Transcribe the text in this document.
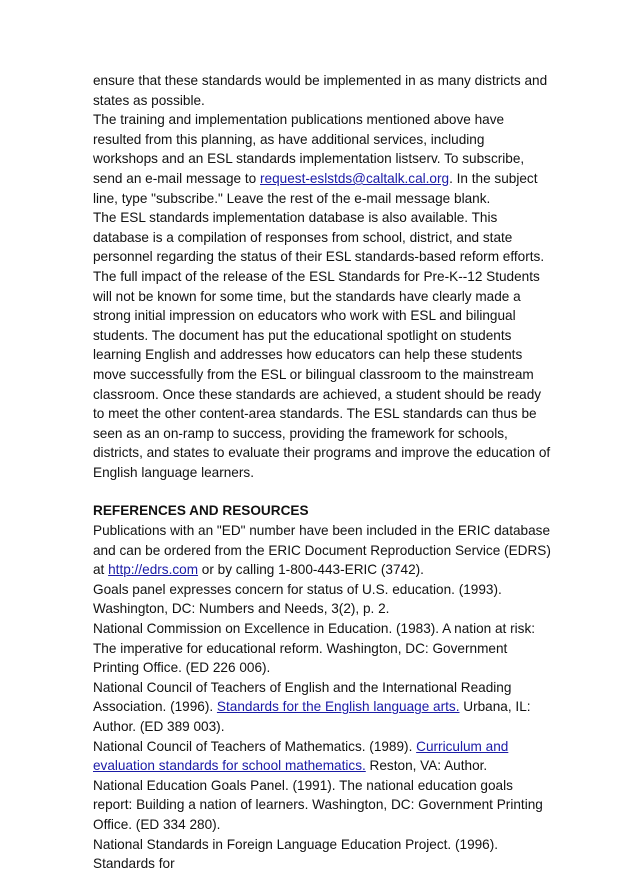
ensure that these standards would be implemented in as many districts and states as possible.

The training and implementation publications mentioned above have resulted from this planning, as have additional services, including workshops and an ESL standards implementation listserv. To subscribe, send an e-mail message to request-eslstds@caltalk.cal.org. In the subject line, type "subscribe." Leave the rest of the e-mail message blank.

The ESL standards implementation database is also available. This database is a compilation of responses from school, district, and state personnel regarding the status of their ESL standards-based reform efforts.

The full impact of the release of the ESL Standards for Pre-K--12 Students will not be known for some time, but the standards have clearly made a strong initial impression on educators who work with ESL and bilingual students. The document has put the educational spotlight on students learning English and addresses how educators can help these students move successfully from the ESL or bilingual classroom to the mainstream classroom. Once these standards are achieved, a student should be ready to meet the other content-area standards. The ESL standards can thus be seen as an on-ramp to success, providing the framework for schools, districts, and states to evaluate their programs and improve the education of English language learners.

REFERENCES AND RESOURCES

Publications with an "ED" number have been included in the ERIC database and can be ordered from the ERIC Document Reproduction Service (EDRS) at http://edrs.com or by calling 1-800-443-ERIC (3742).

Goals panel expresses concern for status of U.S. education. (1993). Washington, DC: Numbers and Needs, 3(2), p. 2.

National Commission on Excellence in Education. (1983). A nation at risk: The imperative for educational reform. Washington, DC: Government Printing Office. (ED 226 006).

National Council of Teachers of English and the International Reading Association. (1996). Standards for the English language arts. Urbana, IL: Author. (ED 389 003).

National Council of Teachers of Mathematics. (1989). Curriculum and evaluation standards for school mathematics. Reston, VA: Author.

National Education Goals Panel. (1991). The national education goals report: Building a nation of learners. Washington, DC: Government Printing Office. (ED 334 280).

National Standards in Foreign Language Education Project. (1996). Standards for
